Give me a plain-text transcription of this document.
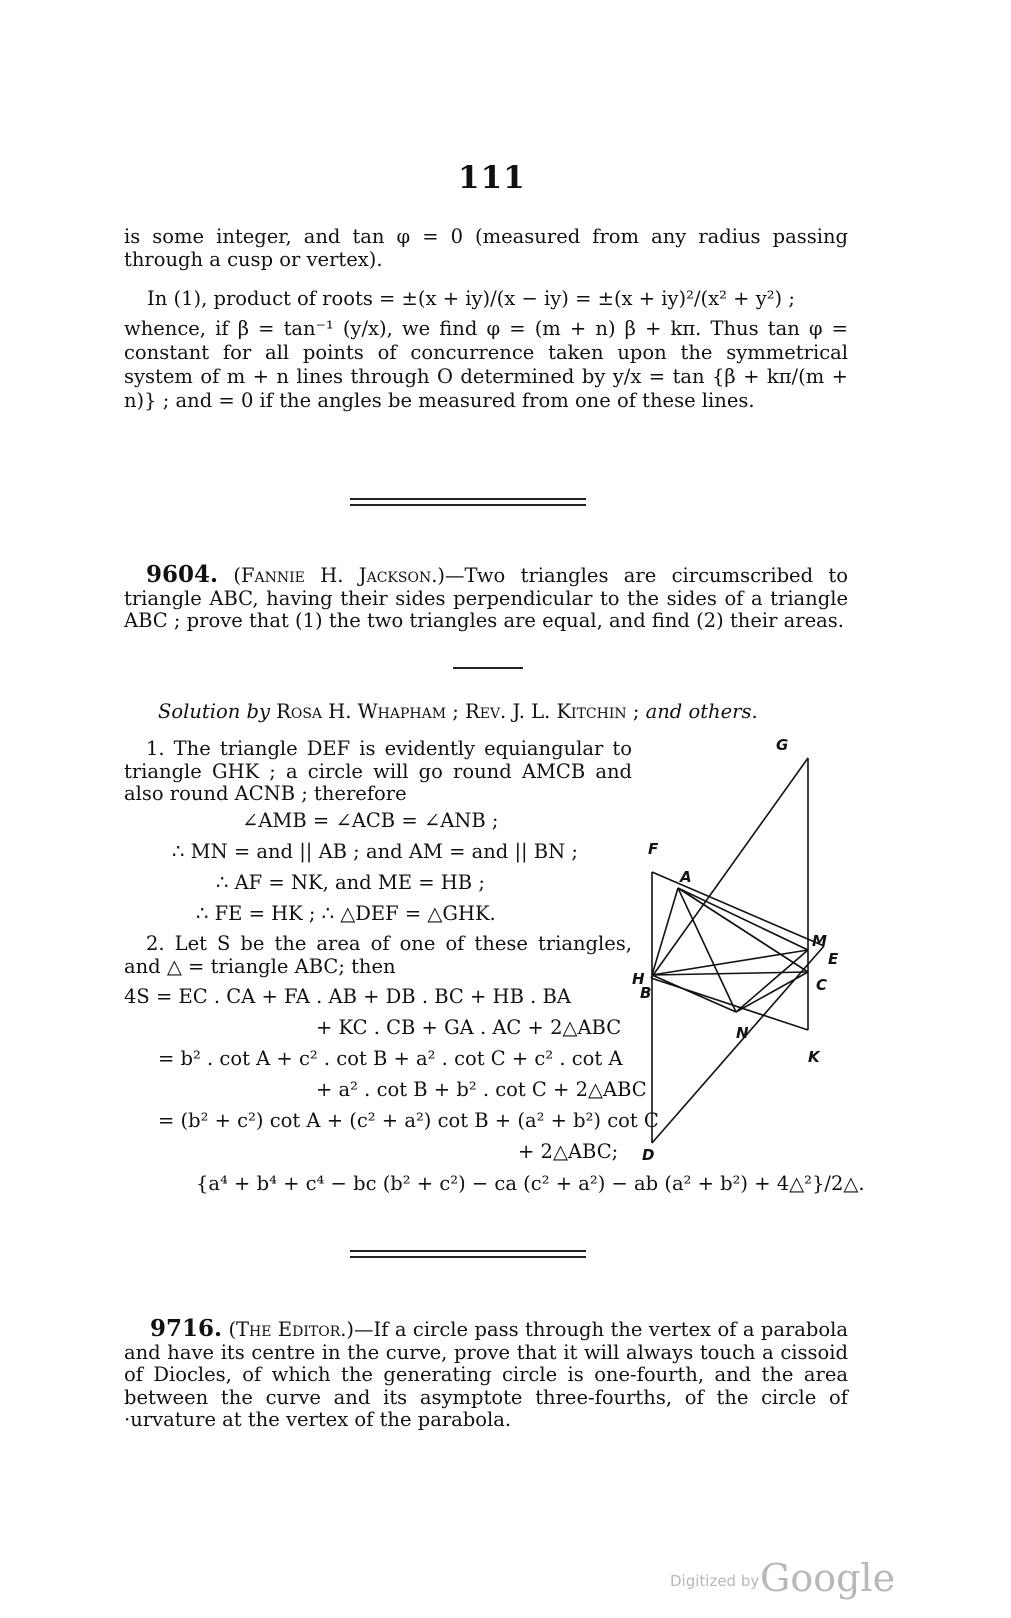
111
is some integer, and tan φ = 0 (measured from any radius passing through a cusp or vertex).
In (1), product of roots = ±(x + iy)/(x − iy) = ±(x + iy)²/(x² + y²) ;
whence, if β = tan⁻¹ (y/x), we find φ = (m + n) β + kπ. Thus tan φ = constant for all points of concurrence taken upon the symmetrical system of m + n lines through O determined by y/x = tan {β + kπ/(m + n)} ; and = 0 if the angles be measured from one of these lines.
9604. (Fannie H. Jackson.)—Two triangles are circumscribed to triangle ABC, having their sides perpendicular to the sides of a triangle ABC ; prove that (1) the two triangles are equal, and find (2) their areas.
Solution by Rosa H. Whapham ; Rev. J. L. Kitchin ; and others.
1. The triangle DEF is evidently equiangular to triangle GHK ; a circle will go round AMCB and also round ACNB ; therefore
∠AMB = ∠ACB = ∠ANB ;
∴ MN = and || AB ; and AM = and || BN ;
∴ AF = NK, and ME = HB ;
∴ FE = HK ; ∴ △DEF = △GHK.
2. Let S be the area of one of these triangles, and △ = triangle ABC; then
4S = EC . CA + FA . AB + DB . BC + HB . BA
+ KC . CB + GA . AC + 2△ABC
= b² . cot A + c² . cot B + a² . cot C + c² . cot A
+ a² . cot B + b² . cot C + 2△ABC
= (b² + c²) cot A + (c² + a²) cot B + (a² + b²) cot C
+ 2△ABC;
{a⁴ + b⁴ + c⁴ − bc (b² + c²) − ca (c² + a²) − ab (a² + b²) + 4△²}/2△.
G
F
A
M
E
H
B	C
N
K
D
9716. (The Editor.)—If a circle pass through the vertex of a parabola and have its centre in the curve, prove that it will always touch a cissoid of Diocles, of which the generating circle is one-fourth, and the area between the curve and its asymptote three-fourths, of the circle of ·urvature at the vertex of the parabola.
Digitized by Google
